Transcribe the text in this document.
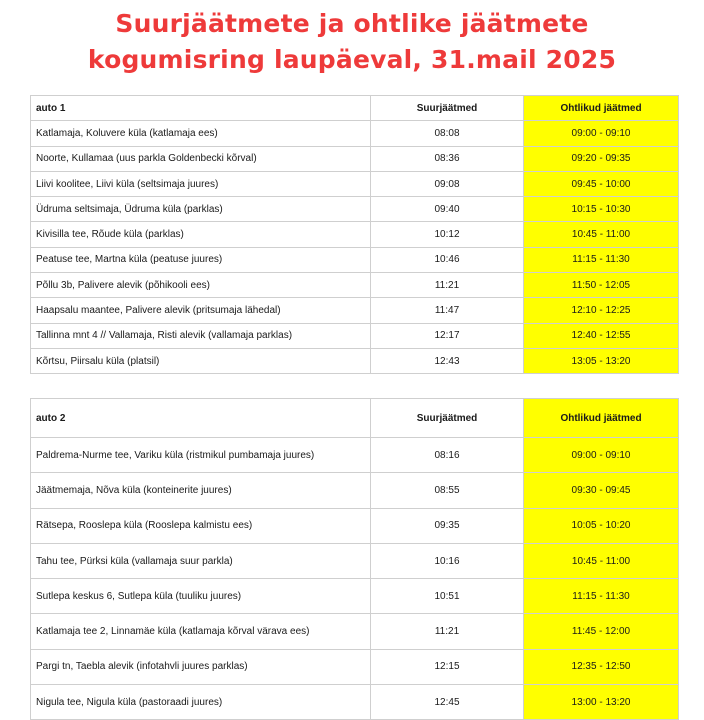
Suurjäätmete ja ohtlike jäätmete
kogumisring laupäeval, 31.mail 2025
auto 1	Suurjäätmed	Ohtlikud jäätmed
Katlamaja, Koluvere küla (katlamaja ees)	08:08	09:00 - 09:10
Noorte, Kullamaa (uus parkla Goldenbecki kõrval)	08:36	09:20 - 09:35
Liivi koolitee, Liivi küla (seltsimaja juures)	09:08	09:45 - 10:00
Üdruma seltsimaja, Üdruma küla (parklas)	09:40	10:15 - 10:30
Kivisilla tee, Rõude küla (parklas)	10:12	10:45 - 11:00
Peatuse tee, Martna küla (peatuse juures)	10:46	11:15 - 11:30
Põllu 3b, Palivere alevik (põhikooli ees)	11:21	11:50 - 12:05
Haapsalu maantee, Palivere alevik (pritsumaja lähedal)	11:47	12:10 - 12:25
Tallinna mnt 4 // Vallamaja, Risti alevik (vallamaja parklas)	12:17	12:40 - 12:55
Kõrtsu, Piirsalu küla (platsil)	12:43	13:05 - 13:20
auto 2	Suurjäätmed	Ohtlikud jäätmed
Paldrema-Nurme tee, Variku küla (ristmikul pumbamaja juures)	08:16	09:00 - 09:10
Jäätmemaja, Nõva küla (konteinerite juures)	08:55	09:30 - 09:45
Rätsepa, Rooslepa küla (Rooslepa kalmistu ees)	09:35	10:05 - 10:20
Tahu tee, Pürksi küla (vallamaja suur parkla)	10:16	10:45 - 11:00
Sutlepa keskus 6, Sutlepa küla (tuuliku juures)	10:51	11:15 - 11:30
Katlamaja tee 2, Linnamäe küla (katlamaja kõrval värava ees)	11:21	11:45 - 12:00
Pargi tn, Taebla alevik (infotahvli juures parklas)	12:15	12:35 - 12:50
Nigula tee, Nigula küla (pastoraadi juures)	12:45	13:00 - 13:20
